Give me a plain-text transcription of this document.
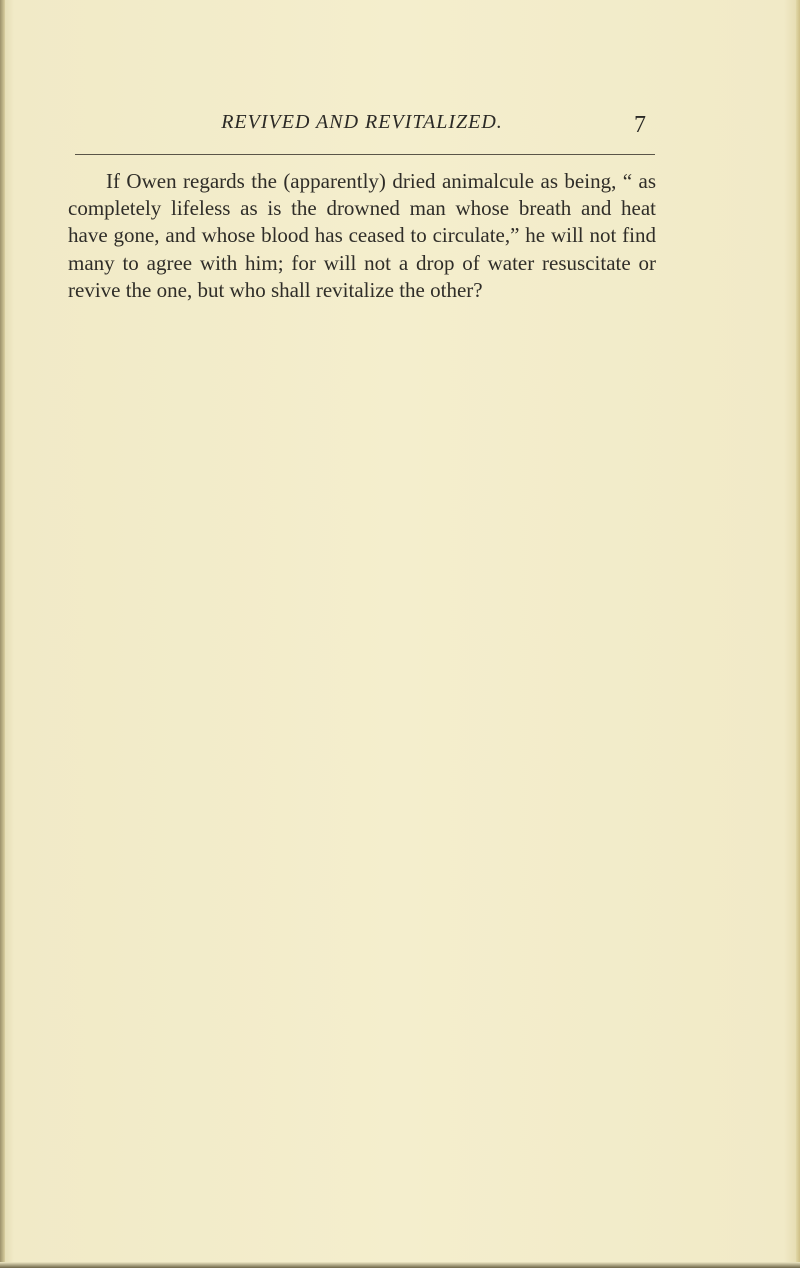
REVIVED AND REVITALIZED.	7

If Owen regards the (apparently) dried animalcule as being, “ as completely lifeless as is the drowned man whose breath and heat have gone, and whose blood has ceased to circulate,” he will not find many to agree with him; for will not a drop of water resuscitate or revive the one, but who shall revitalize the other?
